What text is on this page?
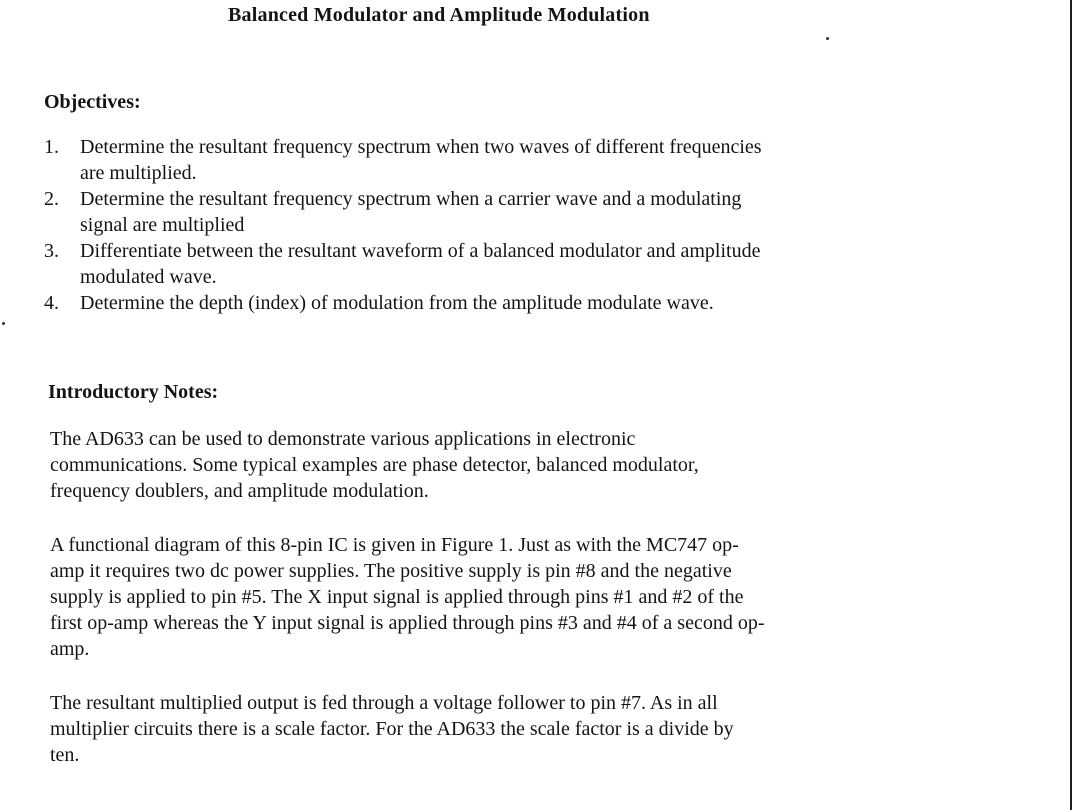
Balanced Modulator and Amplitude Modulation
Objectives:
1. Determine the resultant frequency spectrum when two waves of different frequencies
are multiplied.
2. Determine the resultant frequency spectrum when a carrier wave and a modulating
signal are multiplied
3. Differentiate between the resultant waveform of a balanced modulator and amplitude
modulated wave.
4. Determine the depth (index) of modulation from the amplitude modulate wave.
Introductory Notes:
The AD633 can be used to demonstrate various applications in electronic
communications. Some typical examples are phase detector, balanced modulator,
frequency doublers, and amplitude modulation.
A functional diagram of this 8-pin IC is given in Figure 1. Just as with the MC747 op-
amp it requires two dc power supplies. The positive supply is pin #8 and the negative
supply is applied to pin #5. The X input signal is applied through pins #1 and #2 of the
first op-amp whereas the Y input signal is applied through pins #3 and #4 of a second op-
amp.
The resultant multiplied output is fed through a voltage follower to pin #7. As in all
multiplier circuits there is a scale factor. For the AD633 the scale factor is a divide by
ten.
